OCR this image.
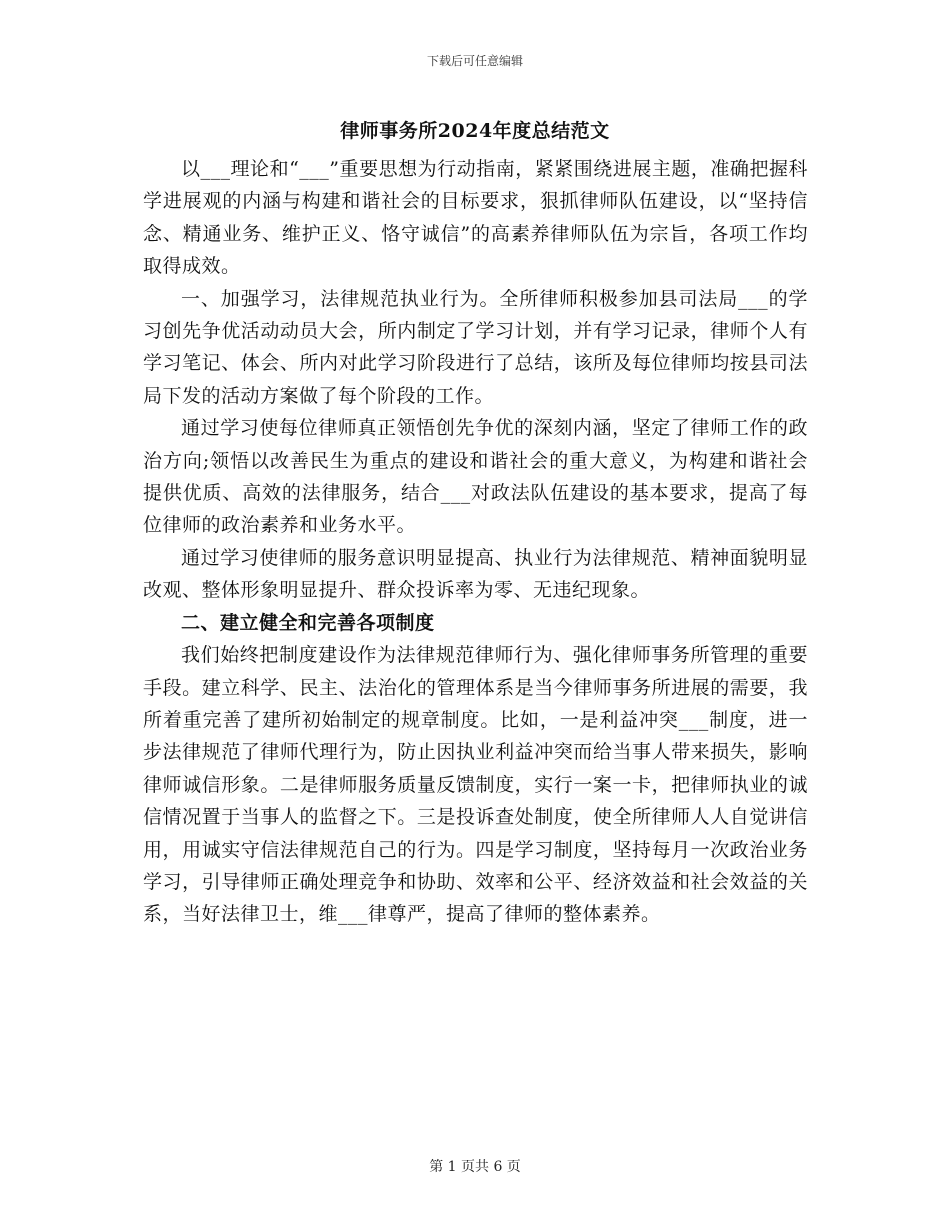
下载后可任意编辑
律师事务所2024年度总结范文

以___理论和“___”重要思想为行动指南，紧紧围绕进展主题，准确把握科学进展观的内涵与构建和谐社会的目标要求，狠抓律师队伍建设，以“坚持信念、精通业务、维护正义、恪守诚信”的高素养律师队伍为宗旨，各项工作均取得成效。

一、加强学习，法律规范执业行为。全所律师积极参加县司法局___的学习创先争优活动动员大会，所内制定了学习计划，并有学习记录，律师个人有学习笔记、体会、所内对此学习阶段进行了总结，该所及每位律师均按县司法局下发的活动方案做了每个阶段的工作。

通过学习使每位律师真正领悟创先争优的深刻内涵，坚定了律师工作的政治方向;领悟以改善民生为重点的建设和谐社会的重大意义，为构建和谐社会提供优质、高效的法律服务，结合___对政法队伍建设的基本要求，提高了每位律师的政治素养和业务水平。

通过学习使律师的服务意识明显提高、执业行为法律规范、精神面貌明显改观、整体形象明显提升、群众投诉率为零、无违纪现象。

二、建立健全和完善各项制度

我们始终把制度建设作为法律规范律师行为、强化律师事务所管理的重要手段。建立科学、民主、法治化的管理体系是当今律师事务所进展的需要，我所着重完善了建所初始制定的规章制度。比如，一是利益冲突___制度，进一步法律规范了律师代理行为，防止因执业利益冲突而给当事人带来损失，影响律师诚信形象。二是律师服务质量反馈制度，实行一案一卡，把律师执业的诚信情况置于当事人的监督之下。三是投诉查处制度，使全所律师人人自觉讲信用，用诚实守信法律规范自己的行为。四是学习制度，坚持每月一次政治业务学习，引导律师正确处理竞争和协助、效率和公平、经济效益和社会效益的关系，当好法律卫士，维___律尊严，提高了律师的整体素养。

第 1 页共 6 页
